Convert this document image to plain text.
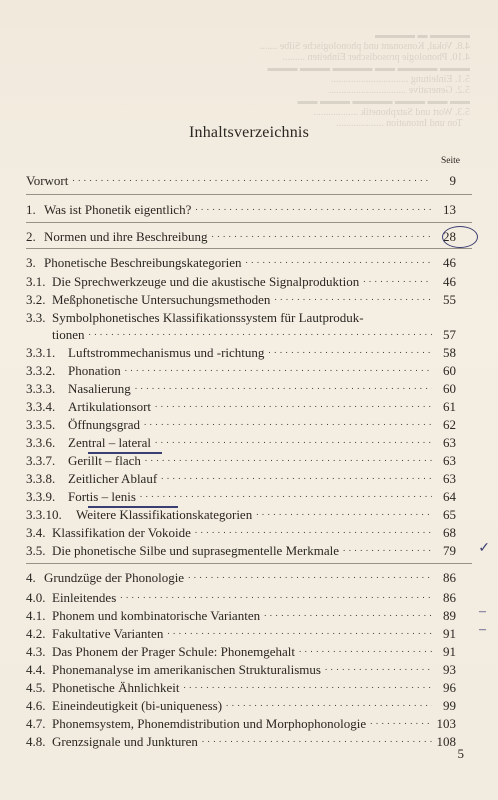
▬▬▬▬ ▬ ▬▬▬▬
4.8. Vokal, Konsonant und phonologische Silbe .......
4.10. Phonologie prosodischer Einheiten .........
▬▬▬ ▬▬▬▬ ▬▬ ▬▬▬▬ ▬▬▬ ▬▬▬
5.1. Einleitung ...............................
5.2. Generative ...............................
▬▬ ▬▬ ▬▬▬ ▬▬▬▬ ▬▬▬ ▬▬
5.3. Wort und Satzphonetik ..................
Ton und Intonation ...................
Inhaltsverzeichnis
Seite
Vorwort . . .	9
1. Was ist Phonetik eigentlich? . . .	13
2. Normen und ihre Beschreibung . . .	28
3. Phonetische Beschreibungskategorien . . .	46
3.1. Die Sprechwerkzeuge und die akustische Signalproduktion . . .	46
3.2. Meßphonetische Untersuchungsmethoden . . .	55
3.3. Symbolphonetisches Klassifikationssystem für Lautproduk-
tionen . . .	57
3.3.1. Luftstrommechanismus und -richtung . . .	58
3.3.2. Phonation . . .	60
3.3.3. Nasalierung . . .	60
3.3.4. Artikulationsort . . .	61
3.3.5. Öffnungsgrad . . .	62
3.3.6. Zentral – lateral . . .	63
3.3.7. Gerillt – flach . . .	63
3.3.8. Zeitlicher Ablauf . . .	63
3.3.9. Fortis – lenis . . .	64
3.3.10.	Weitere Klassifikationskategorien . . .	65
3.4. Klassifikation der Vokoide . . .	68
3.5. Die phonetische Silbe und suprasegmentelle Merkmale . . .	79
4. Grundzüge der Phonologie . . .	86
4.0. Einleitendes . . .	86
4.1. Phonem und kombinatorische Varianten . . .	89
4.2. Fakultative Varianten . . .	91
4.3. Das Phonem der Prager Schule: Phonemgehalt . . .	91
4.4. Phonemanalyse im amerikanischen Strukturalismus . . .	93
4.5. Phonetische Ähnlichkeit . . .	96
4.6. Eineindeutigkeit (bi-uniqueness) . . .	99
4.7. Phonemsystem, Phonemdistribution und Morphophonologie . . .	103
4.8. Grenzsignale und Junkturen . . .	108
✓
–
–
5
